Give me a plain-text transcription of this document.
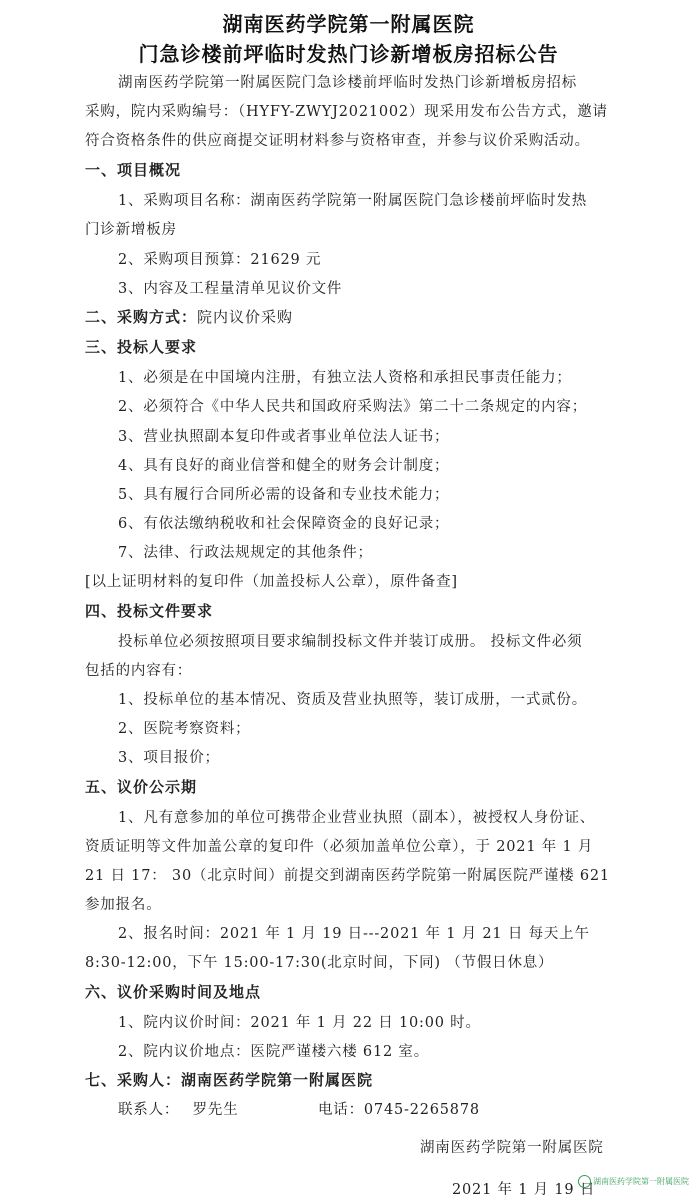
湖南医药学院第一附属医院
门急诊楼前坪临时发热门诊新增板房招标公告
湖南医药学院第一附属医院门急诊楼前坪临时发热门诊新增板房招标
采购，院内采购编号：（HYFY-ZWYJ2021002）现采用发布公告方式，邀请
符合资格条件的供应商提交证明材料参与资格审查，并参与议价采购活动。
一、项目概况
1、采购项目名称：湖南医药学院第一附属医院门急诊楼前坪临时发热
门诊新增板房
2、采购项目预算：21629 元
3、内容及工程量清单见议价文件
二、采购方式：院内议价采购
三、投标人要求
1、必须是在中国境内注册，有独立法人资格和承担民事责任能力；
2、必须符合《中华人民共和国政府采购法》第二十二条规定的内容；
3、营业执照副本复印件或者事业单位法人证书；
4、具有良好的商业信誉和健全的财务会计制度；
5、具有履行合同所必需的设备和专业技术能力；
6、有依法缴纳税收和社会保障资金的良好记录；
7、法律、行政法规规定的其他条件；
[以上证明材料的复印件（加盖投标人公章），原件备查]
四、投标文件要求
投标单位必须按照项目要求编制投标文件并装订成册。 投标文件必须
包括的内容有：
1、投标单位的基本情况、资质及营业执照等，装订成册，一式贰份。
2、医院考察资料；
3、项目报价；
五、议价公示期
1、凡有意参加的单位可携带企业营业执照（副本），被授权人身份证、
资质证明等文件加盖公章的复印件（必须加盖单位公章），于 2021 年 1 月
21 日 17： 30（北京时间）前提交到湖南医药学院第一附属医院严谨楼 621
参加报名。
2、报名时间：2021 年 1 月 19 日---2021 年 1 月 21 日 每天上午
8:30-12:00，下午 15:00-17:30(北京时间，下同) （节假日休息）
六、议价采购时间及地点
1、院内议价时间：2021 年 1 月 22 日 10:00 时。
2、院内议价地点：医院严谨楼六楼 612 室。
七、采购人：湖南医药学院第一附属医院
联系人： 罗先生	电话：0745-2265878
湖南医药学院第一附属医院
2021 年 1 月 19 日
湖南医药学院第一附属医院
